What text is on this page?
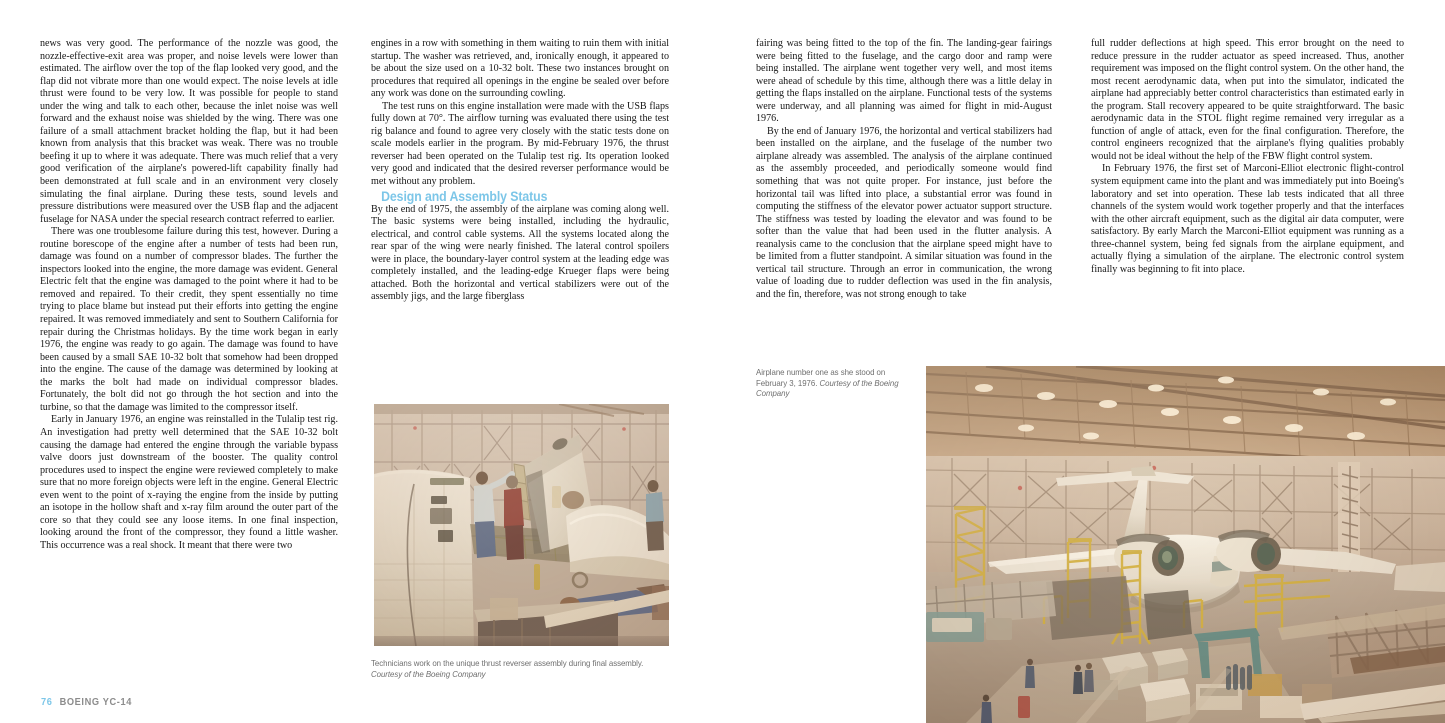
news was very good. The performance of the nozzle was good, the nozzle-effective-exit area was proper, and noise levels were lower than estimated. The airflow over the top of the flap looked very good, and the flap did not vibrate more than one would expect. The noise levels at idle thrust were found to be very low. It was possible for people to stand under the wing and talk to each other, because the inlet noise was well forward and the exhaust noise was shielded by the wing. There was one failure of a small attachment bracket holding the flap, but it had been known from analysis that this bracket was weak. There was no trouble beefing it up to where it was adequate. There was much relief that a very good verification of the airplane's powered-lift capability finally had been demonstrated at full scale and in an environment very closely simulating the final airplane. During these tests, sound levels and pressure distributions were measured over the USB flap and the adjacent fuselage for NASA under the special research contract referred to earlier.

There was one troublesome failure during this test, however. During a routine borescope of the engine after a number of tests had been run, damage was found on a number of compressor blades. The further the inspectors looked into the engine, the more damage was evident. General Electric felt that the engine was damaged to the point where it had to be removed and repaired. To their credit, they spent essentially no time trying to place blame but instead put their efforts into getting the engine repaired. It was removed immediately and sent to Southern California for repair during the Christmas holidays. By the time work began in early 1976, the engine was ready to go again. The damage was found to have been caused by a small SAE 10-32 bolt that somehow had been dropped into the engine. The cause of the damage was determined by looking at the marks the bolt had made on individual compressor blades. Fortunately, the bolt did not go through the hot section and into the turbine, so that the damage was limited to the compressor itself.

Early in January 1976, an engine was reinstalled in the Tulalip test rig. An investigation had pretty well determined that the SAE 10-32 bolt causing the damage had entered the engine through the variable bypass valve doors just downstream of the booster. The quality control procedures used to inspect the engine were reviewed completely to make sure that no more foreign objects were left in the engine. General Electric even went to the point of x-raying the engine from the inside by putting an isotope in the hollow shaft and x-ray film around the outer part of the core so that they could see any loose items. In one final inspection, looking around the front of the compressor, they found a little washer. This occurrence was a real shock. It meant that there were two

engines in a row with something in them waiting to ruin them with initial startup. The washer was retrieved, and, ironically enough, it appeared to be about the size used on a 10-32 bolt. These two instances brought on procedures that required all openings in the engine be sealed over before any work was done on the surrounding cowling.

The test runs on this engine installation were made with the USB flaps fully down at 70°. The airflow turning was evaluated there using the test rig balance and found to agree very closely with the static tests done on scale models earlier in the program. By mid-February 1976, the thrust reverser had been operated on the Tulalip test rig. Its operation looked very good and indicated that the desired reverser performance would be met without any problem.

Design and Assembly Status

By the end of 1975, the assembly of the airplane was coming along well. The basic systems were being installed, including the hydraulic, electrical, and control cable systems. All the systems located along the rear spar of the wing were nearly finished. The lateral control spoilers were in place, the boundary-layer control system at the leading edge was completely installed, and the leading-edge Krueger flaps were being attached. Both the horizontal and vertical stabilizers were out of the assembly jigs, and the large fiberglass

fairing was being fitted to the top of the fin. The landing-gear fairings were being fitted to the fuselage, and the cargo door and ramp were being installed. The airplane went together very well, and most items were ahead of schedule by this time, although there was a little delay in getting the flaps installed on the airplane. Functional tests of the systems were underway, and all planning was aimed for flight in mid-August 1976.

By the end of January 1976, the horizontal and vertical stabilizers had been installed on the airplane, and the fuselage of the number two airplane already was assembled. The analysis of the airplane continued as the assembly proceeded, and periodically someone would find something that was not quite proper. For instance, just before the horizontal tail was lifted into place, a substantial error was found in computing the stiffness of the elevator power actuator support structure. The stiffness was tested by loading the elevator and was found to be softer than the value that had been used in the flutter analysis. A reanalysis came to the conclusion that the airplane speed might have to be limited from a flutter standpoint. A similar situation was found in the vertical tail structure. Through an error in communication, the wrong value of loading due to rudder deflection was used in the fin analysis, and the fin, therefore, was not strong enough to take

full rudder deflections at high speed. This error brought on the need to reduce pressure in the rudder actuator as speed increased. Thus, another requirement was imposed on the flight control system. On the other hand, the most recent aerodynamic data, when put into the simulator, indicated the airplane had appreciably better control characteristics than estimated early in the program. Stall recovery appeared to be quite straightforward. The basic aerodynamic data in the STOL flight regime remained very irregular as a function of angle of attack, even for the final configuration. Therefore, the control engineers recognized that the airplane's flying qualities probably would not be ideal without the help of the FBW flight control system.

In February 1976, the first set of Marconi-Elliot electronic flight-control system equipment came into the plant and was immediately put into Boeing's laboratory and set into operation. These lab tests indicated that all three channels of the system would work together properly and that the interfaces with the other aircraft equipment, such as the digital air data computer, were satisfactory. By early March the Marconi-Elliot equipment was running as a three-channel system, being fed signals from the airplane equipment, and actually flying a simulation of the airplane. The electronic control system finally was beginning to fit into place.

Technicians work on the unique thrust reverser assembly during final assembly. Courtesy of the Boeing Company
Airplane number one as she stood on February 3, 1976. Courtesy of the Boeing Company
76 BOEING YC-14
